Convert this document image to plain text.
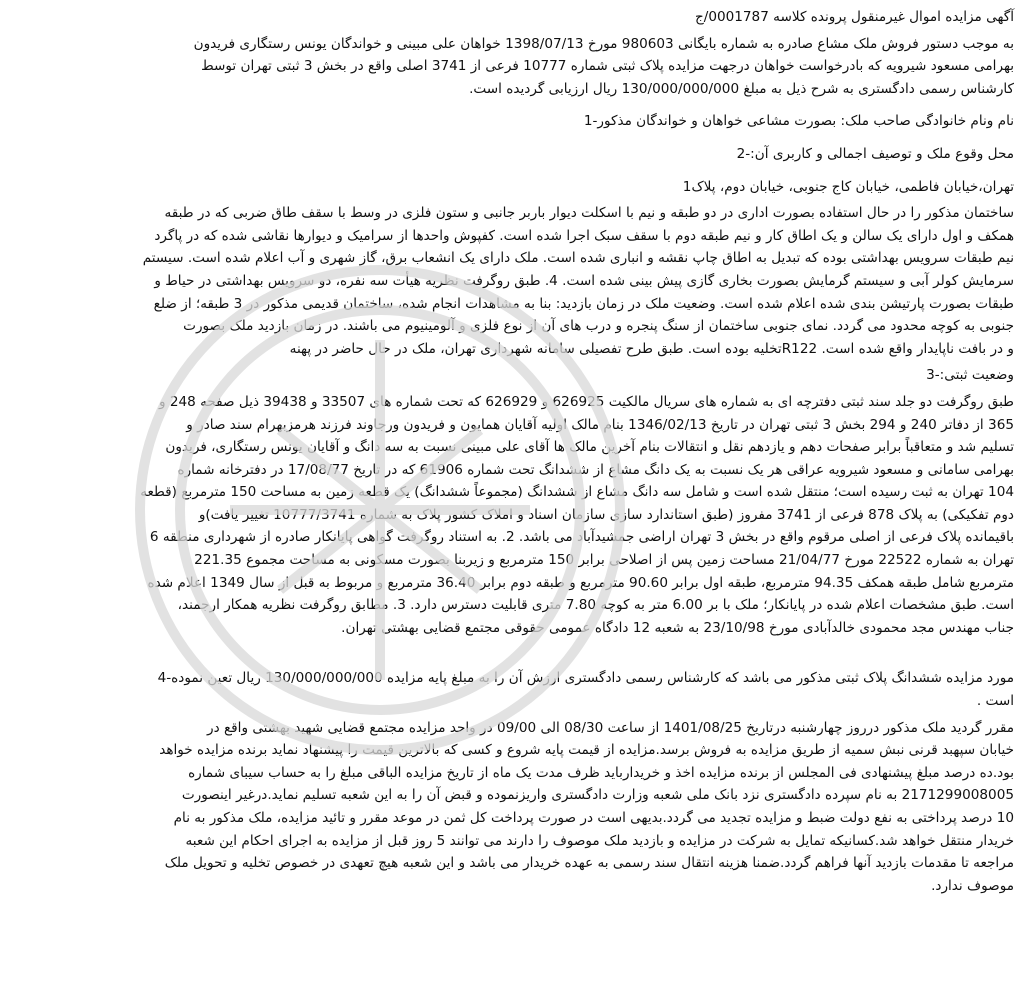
آگهی مزایده اموال غیرمنقول پرونده کلاسه 0001787/ج

به موجب دستور فروش ملک مشاع صادره به شماره بایگانی 980603 مورخ 1398/07/13 خواهان علی مبینی و خواندگان یونس رستگاری فریدون

بهرامی مسعود شیرویه که بادرخواست خواهان درجهت مزایده پلاک ثبتی شماره 10777 فرعی از 3741 اصلی واقع در بخش 3 ثبتی تهران توسط

کارشناس رسمی دادگستری به شرح ذیل به مبلغ 130/000/000/000 ریال ارزیابی گردیده است.

نام ونام خانوادگی صاحب ملک: بصورت مشاعی خواهان و خواندگان مذکور-1

محل وقوع ملک و توصیف اجمالی و کاربری آن:-2

تهران،خیابان فاطمی، خیابان کاج جنوبی، خیابان دوم، پلاک1

ساختمان مذکور را در حال استفاده بصورت اداری در دو طبقه و نیم با اسکلت دیوار باربر جانبی و ستون فلزی در وسط با سقف طاق ضربی که در طبقه

همکف و اول دارای یک سالن و یک اطاق کار و نیم طبقه دوم با سقف سبک اجرا شده است. کفپوش واحدها از سرامیک و دیوارها نقاشی شده که در پاگرد

نیم طبقات سرویس بهداشتی بوده که تبدیل به اطاق چاپ نقشه و انباری شده است. ملک دارای یک انشعاب برق، گاز شهری و آب اعلام شده است. سیستم

سرمایش کولر آبی و سیستم گرمایش بصورت بخاری گازی پیش بینی شده است. 4. طبق روگرفت نظریه هیأت سه نفره، دو سرویس بهداشتی در حیاط و

طبقات بصورت پارتیشن بندی شده اعلام شده است. وضعیت ملک در زمان بازدید: بنا به مشاهدات انجام شده، ساختمان قدیمی مذکور در 3 طبقه؛ از ضلع

جنوبی به کوچه محدود می گردد. نمای جنوبی ساختمان از سنگ پنجره و درب های آن از نوع فلزی و آلومینیوم می باشند. در زمان بازدید ملک بصورت

و در بافت ناپایدار واقع شده است. R122تخلیه بوده است. طبق طرح تفصیلی سامانه شهرداری تهران، ملک در حال حاضر در پهنه

وضعیت ثبتی:-3

طبق روگرفت دو جلد سند ثبتی دفترچه ای به شماره های سریال مالکیت 626925 و 626929 که تحت شماره های 33507 و 39438 ذیل صفحه 248 و

365 از دفاتر 240 و 294 بخش 3 ثبتی تهران در تاریخ 1346/02/13 بنام مالک اولیه آقایان همایون و فریدون ورجاوند فرزند هرمزبهرام سند صادر و

تسلیم شد و متعاقباً برابر صفحات دهم و یازدهم نقل و انتقالات بنام آخرین مالک ها آقای علی مبینی نسبت به سه دانگ و آقایان یونس رستگاری، فریدون

بهرامی سامانی و مسعود شیرویه عراقی هر یک نسبت به یک دانگ مشاع از ششدانگ تحت شماره 61906 که در تاریخ 17/08/77 در دفترخانه شماره

104 تهران به ثبت رسیده است؛ منتقل شده است و شامل سه دانگ مشاع از ششدانگ (مجموعاً ششدانگ) یک قطعه زمین به مساحت 150 مترمربع (قطعه

دوم تفکیکی) به پلاک 878 فرعی از 3741 مفروز (طبق استاندارد سازی سازمان اسناد و املاک کشور پلاک به شماره 10777/3741 تغییر یافت)و

باقیمانده پلاک فرعی از اصلی مرقوم واقع در بخش 3 تهران اراضی جمشیدآباد می باشد. 2. به استناد روگرفت گواهی پایانکار صادره از شهرداری منطقه 6

تهران به شماره 22522 مورخ 21/04/77 مساحت زمین پس از اصلاحی برابر 150 مترمربع و زیربنا بصورت مسکونی به مساحت مجموع 221.35

مترمربع شامل طبقه همکف 94.35 مترمربع، طبقه اول برابر 90.60 مترمربع و طبقه دوم برابر 36.40 مترمربع و مربوط به قبل از سال 1349 اعلام شده

است. طبق مشخصات اعلام شده در پایانکار؛ ملک با بر 6.00 متر به کوچه 7.80 متری قابلیت دسترس دارد. 3. مطابق روگرفت نظریه همکار ارجمند،

جناب مهندس مجد محمودی خالدآبادی مورخ 23/10/98 به شعبه 12 دادگاه عمومی حقوقی مجتمع قضایی بهشتی تهران.

مورد مزایده ششدانگ پلاک ثبتی مذکور می باشد که کارشناس رسمی دادگستری ارزش آن را به مبلغ پایه مزایده 130/000/000/000 ریال تعین نموده-4

است .

مقرر گردید ملک مذکور درروز چهارشنبه درتاریخ 1401/08/25 از ساعت 08/30 الی 09/00 در واحد مزایده مجتمع قضایی شهید بهشتی واقع در

خیابان سپهبد قرنی نبش سمیه از طریق مزایده به فروش برسد.مزایده از قیمت پایه شروع و کسی که بالاترین قیمت را پیشنهاد نماید برنده مزایده خواهد

بود.ده درصد مبلغ پیشنهادی فی المجلس از برنده مزایده اخذ و خریدارباید ظرف مدت یک ماه از تاریخ مزایده الباقی مبلغ را به حساب سیبای شماره

2171299008005 به نام سپرده دادگستری نزد بانک ملی شعبه وزارت دادگستری واریزنموده و قبض آن را به این شعبه تسلیم نماید.درغیر اینصورت

10 درصد پرداختی به نفع دولت ضبط و مزایده تجدید می گردد.بدیهی است در صورت پرداخت کل ثمن در موعد مقرر و تائید مزایده، ملک مذکور به نام

خریدار منتقل خواهد شد.کسانیکه تمایل به شرکت در مزایده و بازدید ملک موصوف را دارند می توانند 5 روز قبل از مزایده به اجرای احکام این شعبه

مراجعه تا مقدمات بازدید آنها فراهم گردد.ضمنا هزینه انتقال سند رسمی به عهده خریدار می باشد و این شعبه هیچ تعهدی در خصوص تخلیه و تحویل ملک

موصوف ندارد.
